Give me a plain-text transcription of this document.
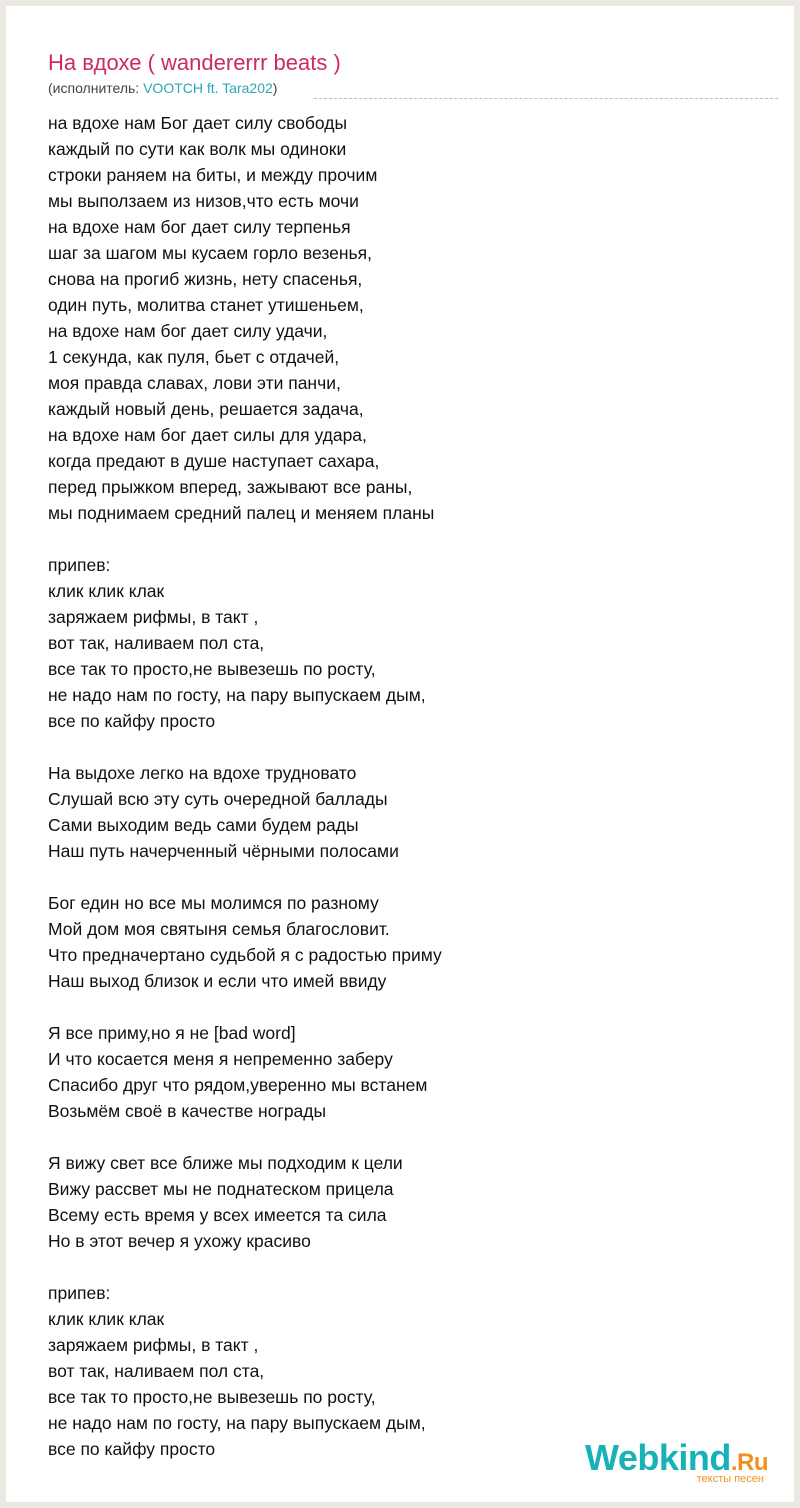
На вдохе ( wandererrr beats )
(исполнитель: VOOTCH ft. Tara202)
на вдохе нам Бог дает силу свободы
каждый по сути как волк мы одиноки
строки раняем на биты, и между прочим
мы выползаем из низов,что есть мочи
на вдохе нам бог дает силу терпенья
шаг за шагом мы кусаем горло везенья,
снова на прогиб жизнь, нету спасенья,
один путь, молитва станет утишеньем,
на вдохе нам бог дает силу удачи,
1 секунда, как пуля, бьет с отдачей,
моя правда славах, лови эти панчи,
каждый новый день, решается задача,
на вдохе нам бог дает силы для удара,
когда предают в душе наступает сахара,
перед прыжком вперед, зажывают все раны,
мы поднимаем средний палец и меняем планы
припев:
клик клик клак
заряжаем рифмы, в такт ,
вот так, наливаем пол ста,
все так то просто,не вывезешь по росту,
не надо нам по госту, на пару выпускаем дым,
все по кайфу просто
На выдохе легко на вдохе трудновато
Слушай всю эту суть очередной баллады
Сами выходим ведь сами будем рады
Наш путь начерченный чёрными полосами
Бог един но все мы молимся по разному
Мой дом моя святыня семья благословит.
Что предначертано судьбой я с радостью приму
Наш выход близок и если что имей ввиду
Я все приму,но я не [bad word]
И что косается меня я непременно заберу
Спасибо друг что рядом,уверенно мы встанем
Возьмём своё в качестве нограды
Я вижу свет все ближе мы подходим к цели
Вижу рассвет мы не поднатеском прицела
Всему есть время у всех имеется та сила
Но в этот вечер я ухожу красиво
припев:
клик клик клак
заряжаем рифмы, в такт ,
вот так, наливаем пол ста,
все так то просто,не вывезешь по росту,
не надо нам по госту, на пару выпускаем дым,
все по кайфу просто	Webkind.Ru
тексты песен
